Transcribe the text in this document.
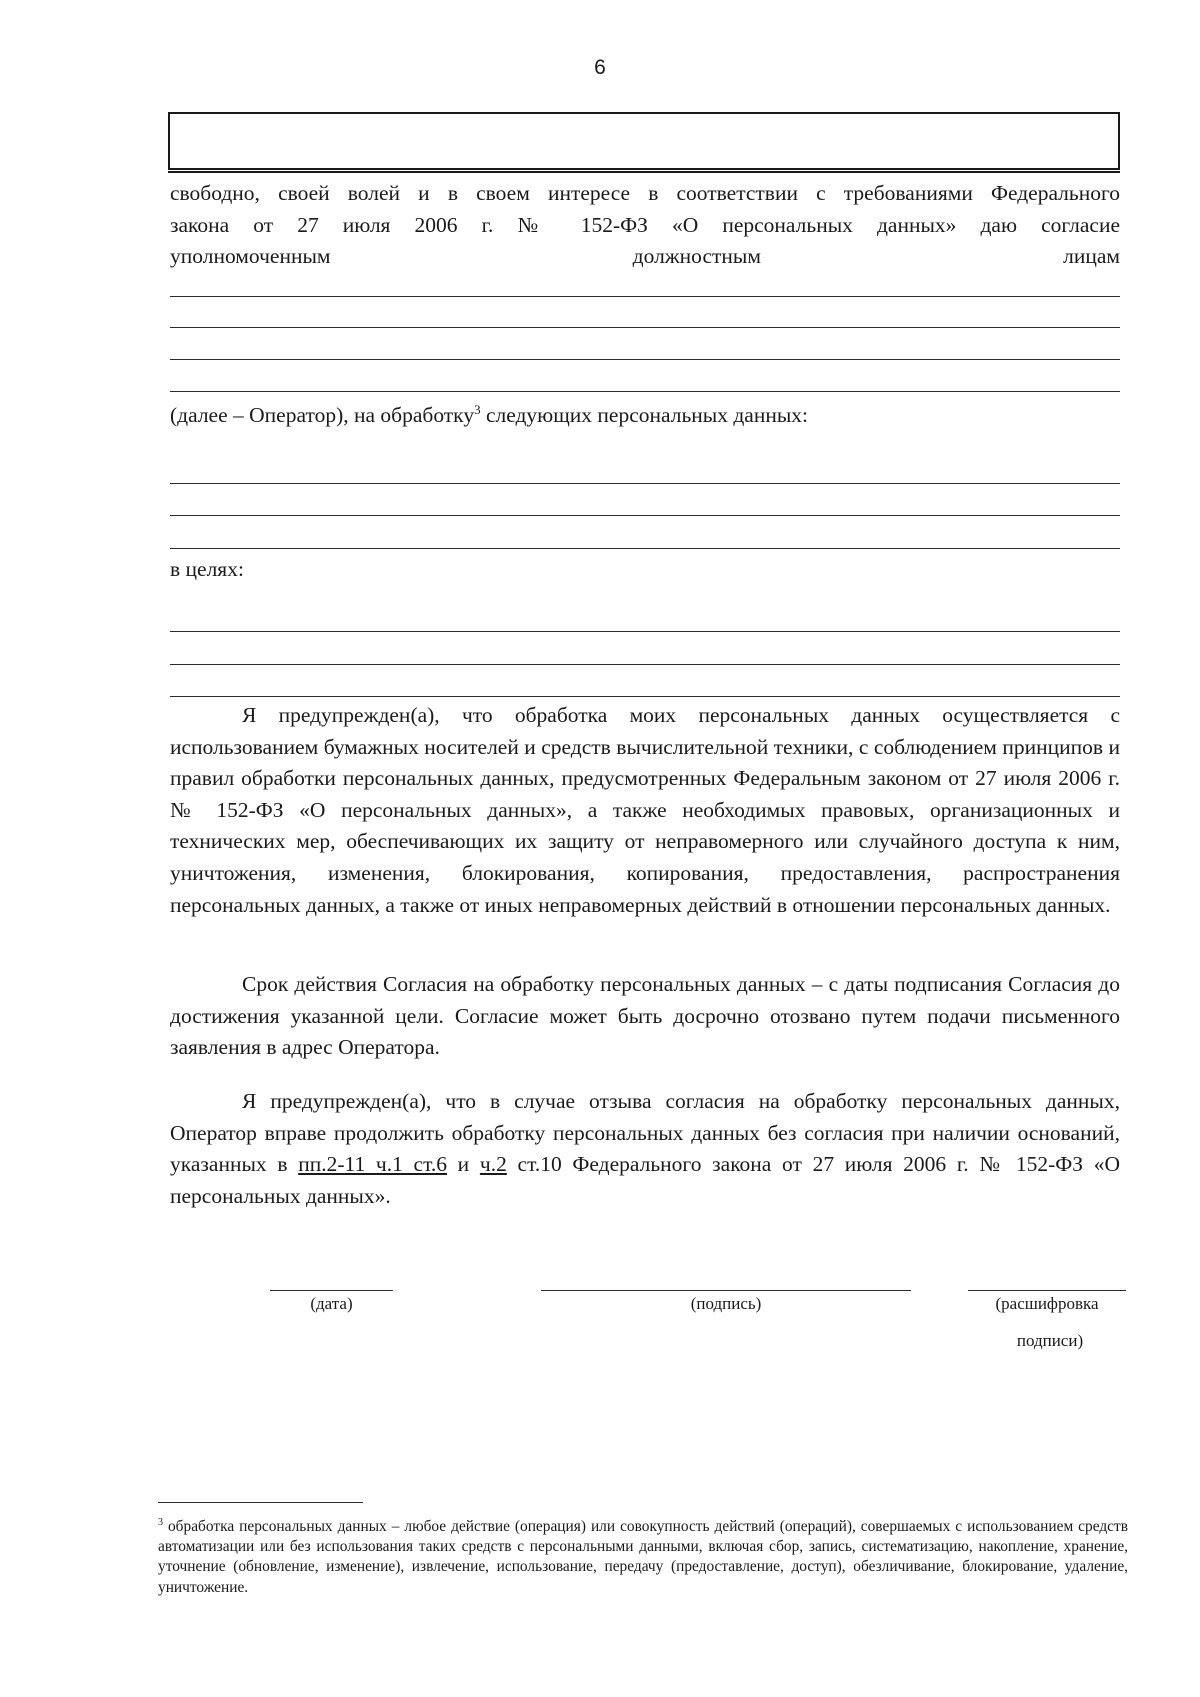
6
свободно, своей волей и в своем интересе в соответствии с требованиями Федерального
закона от 27 июля 2006 г. № 152-ФЗ «О персональных данных» даю согласие
уполномоченным	должностным	лицам
(далее – Оператор), на обработку$^3$ следующих персональных данных:
в целях:
Я предупрежден(а), что обработка моих персональных данных осуществляется с использованием бумажных носителей и средств вычислительной техники, с соблюдением принципов и правил обработки персональных данных, предусмотренных Федеральным законом от 27 июля 2006 г. № 152-ФЗ «О персональных данных», а также необходимых правовых, организационных и технических мер, обеспечивающих их защиту от неправомерного или случайного доступа к ним, уничтожения, изменения, блокирования, копирования, предоставления, распространения персональных данных, а также от иных неправомерных действий в отношении персональных данных.
Срок действия Согласия на обработку персональных данных – с даты подписания Согласия до достижения указанной цели. Согласие может быть досрочно отозвано путем подачи письменного заявления в адрес Оператора.
Я предупрежден(а), что в случае отзыва согласия на обработку персональных данных, Оператор вправе продолжить обработку персональных данных без согласия при наличии оснований, указанных в пп.2-11 ч.1 ст.6 и ч.2 ст.10 Федерального закона от 27 июля 2006 г. № 152-ФЗ «О персональных данных».
(дата)	(подпись)	(расшифровка
подписи)
$^3$ обработка персональных данных – любое действие (операция) или совокупность действий (операций), совершаемых с использованием средств автоматизации или без использования таких средств с персональными данными, включая сбор, запись, систематизацию, накопление, хранение, уточнение (обновление, изменение), извлечение, использование, передачу (предоставление, доступ), обезличивание, блокирование, удаление, уничтожение.
